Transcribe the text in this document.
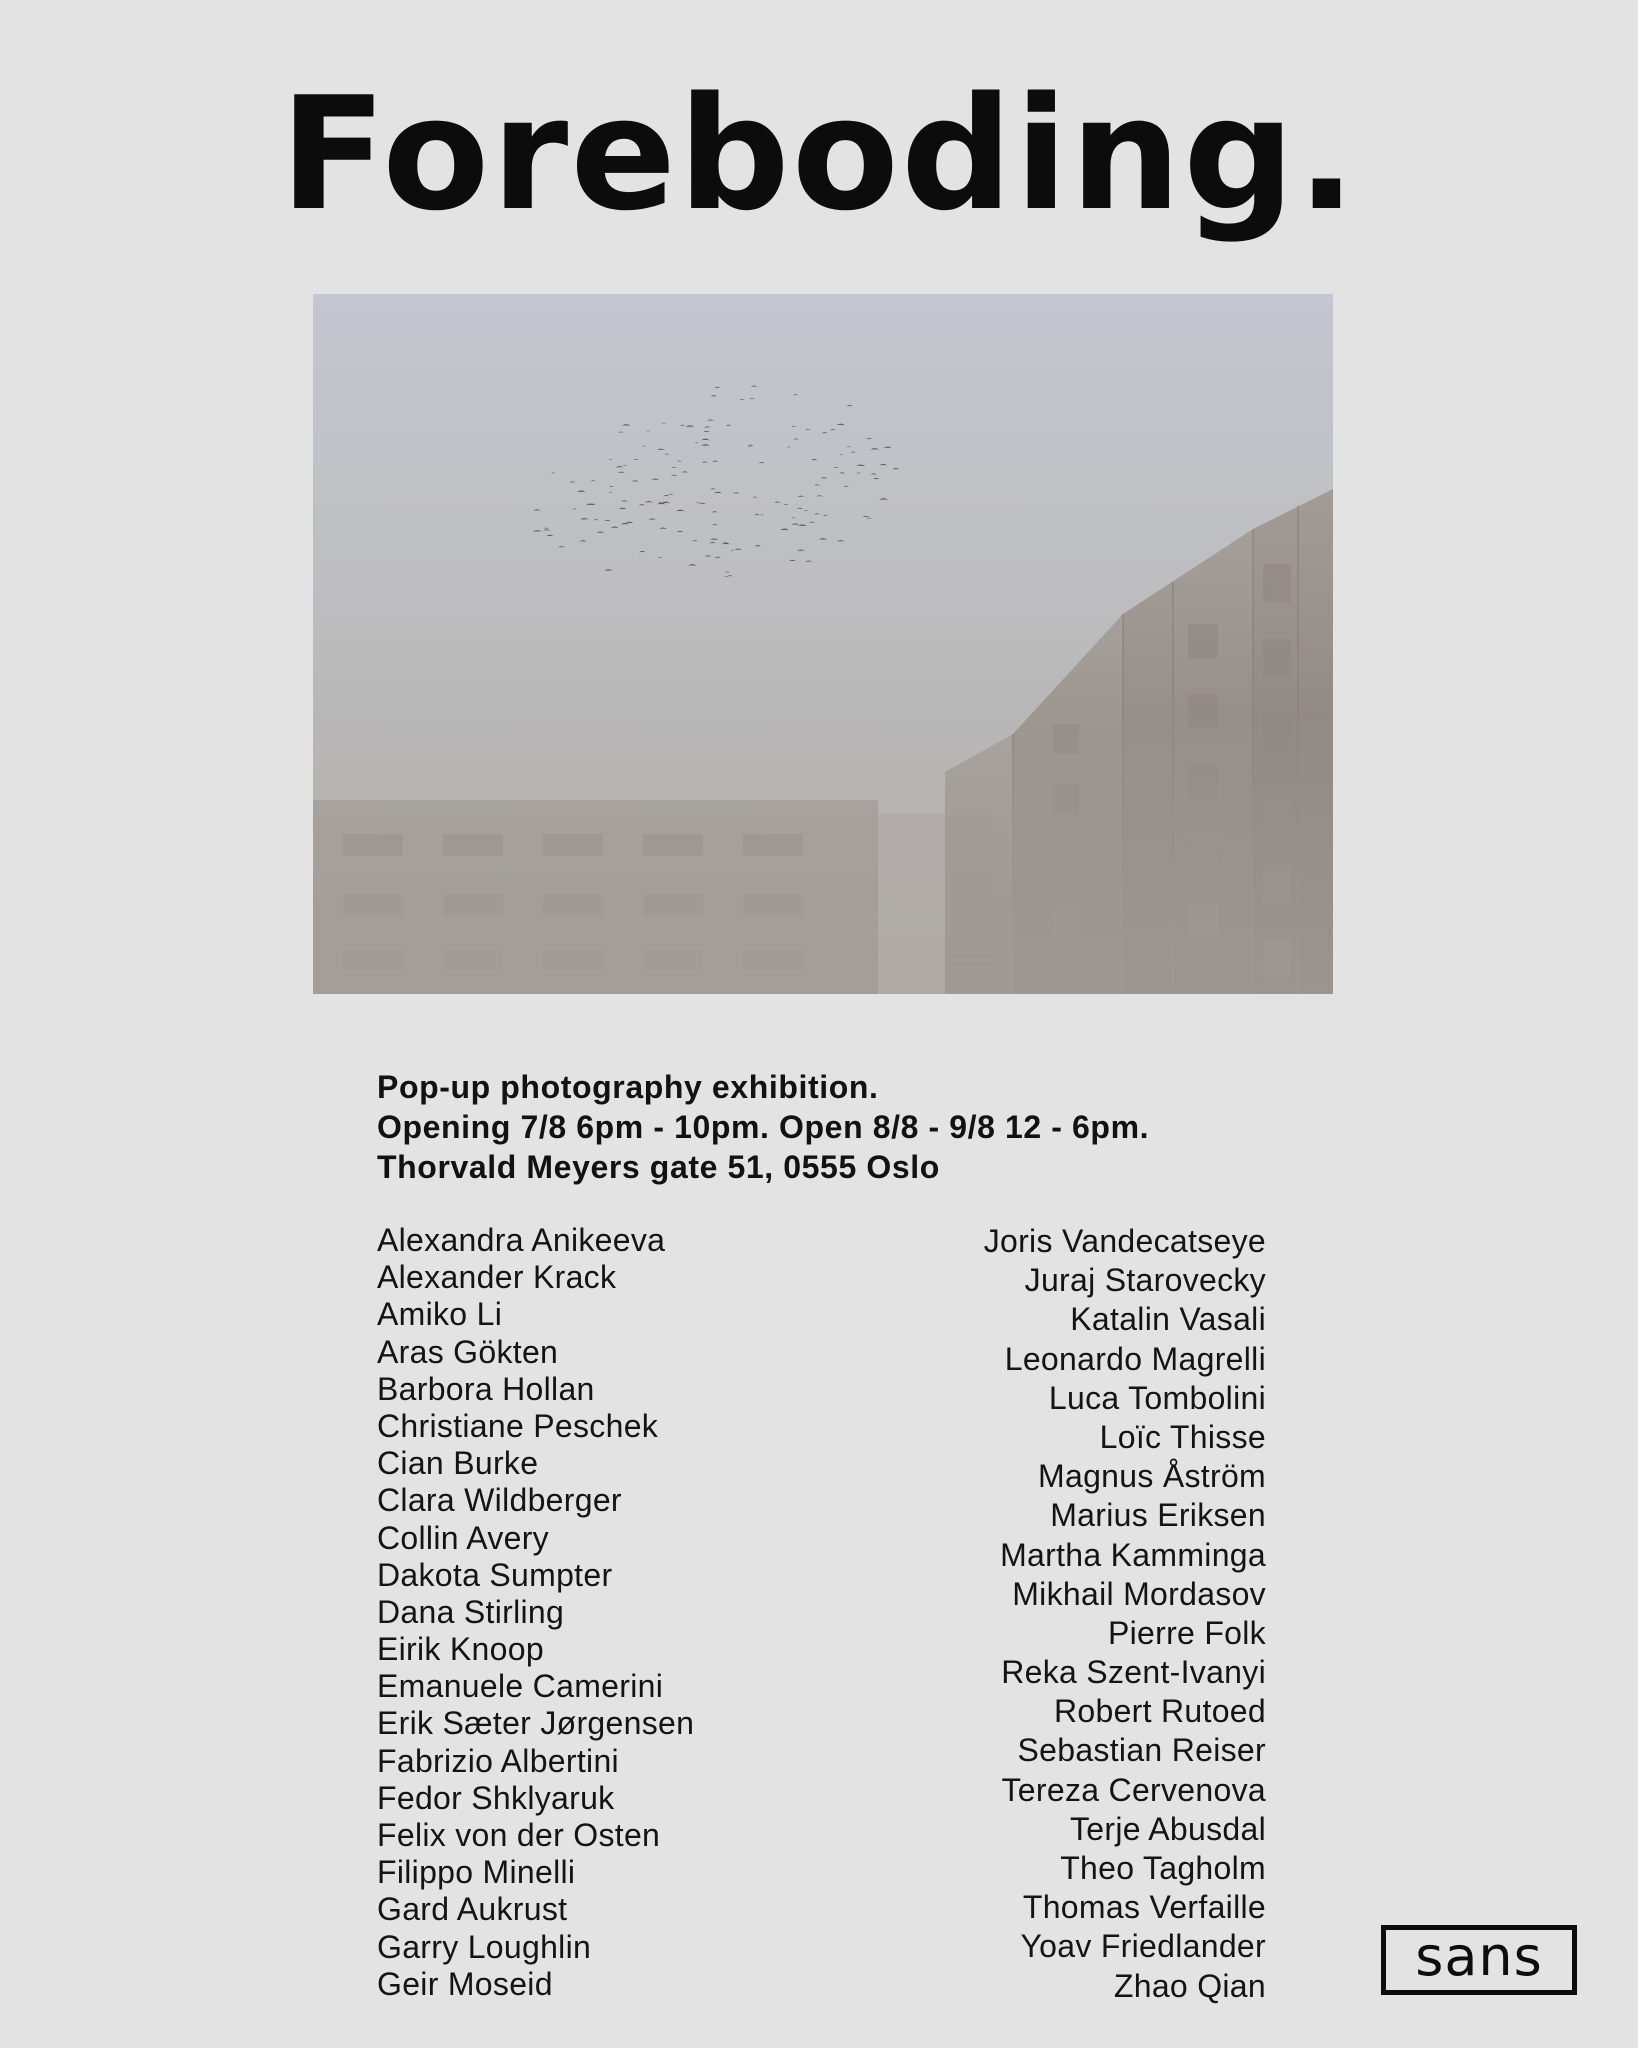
Foreboding.
Pop-up photography exhibition.
Opening 7/8 6pm - 10pm. Open 8/8 - 9/8 12 - 6pm.
Thorvald Meyers gate 51, 0555 Oslo
Alexandra Anikeeva
Alexander Krack
Amiko Li
Aras Gökten
Barbora Hollan
Christiane Peschek
Cian Burke
Clara Wildberger
Collin Avery
Dakota Sumpter
Dana Stirling
Eirik Knoop
Emanuele Camerini
Erik Sæter Jørgensen
Fabrizio Albertini
Fedor Shklyaruk
Felix von der Osten
Filippo Minelli
Gard Aukrust
Garry Loughlin
Geir Moseid
Joris Vandecatseye
Juraj Starovecky
Katalin Vasali
Leonardo Magrelli
Luca Tombolini
Loïc Thisse
Magnus Åström
Marius Eriksen
Martha Kamminga
Mikhail Mordasov
Pierre Folk
Reka Szent-Ivanyi
Robert Rutoed
Sebastian Reiser
Tereza Cervenova
Terje Abusdal
Theo Tagholm
Thomas Verfaille
Yoav Friedlander
Zhao Qian	sans
